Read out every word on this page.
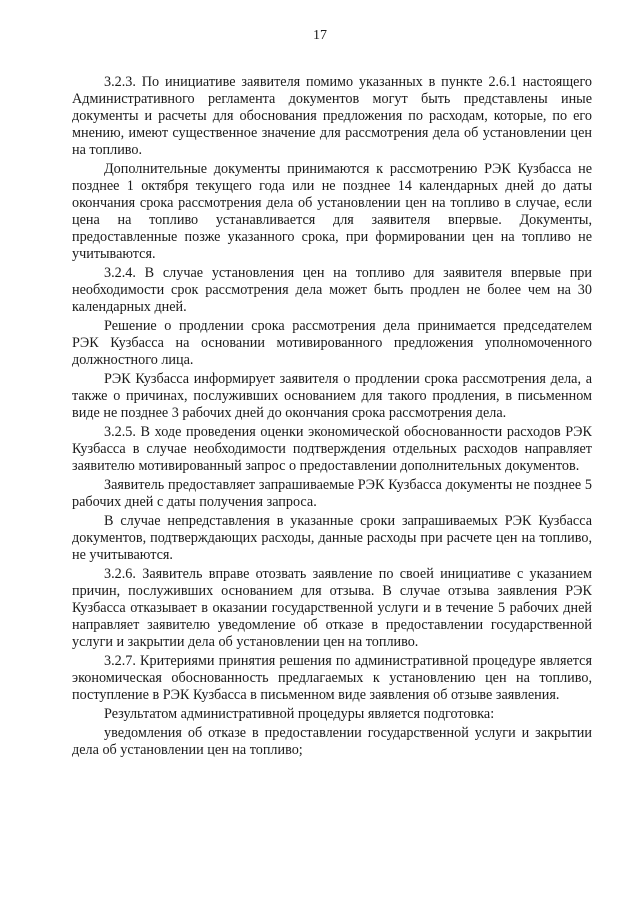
17

3.2.3. По инициативе заявителя помимо указанных в пункте 2.6.1 настоящего Административного регламента документов могут быть представлены иные документы и расчеты для обоснования предложения по расходам, которые, по его мнению, имеют существенное значение для рассмотрения дела об установлении цен на топливо.

Дополнительные документы принимаются к рассмотрению РЭК Кузбасса не позднее 1 октября текущего года или не позднее 14 календарных дней до даты окончания срока рассмотрения дела об установлении цен на топливо в случае, если цена на топливо устанавливается для заявителя впервые. Документы, предоставленные позже указанного срока, при формировании цен на топливо не учитываются.

3.2.4. В случае установления цен на топливо для заявителя впервые при необходимости срок рассмотрения дела может быть продлен не более чем на 30 календарных дней.

Решение о продлении срока рассмотрения дела принимается председателем РЭК Кузбасса на основании мотивированного предложения уполномоченного должностного лица.

РЭК Кузбасса информирует заявителя о продлении срока рассмотрения дела, а также о причинах, послуживших основанием для такого продления, в письменном виде не позднее 3 рабочих дней до окончания срока рассмотрения дела.

3.2.5. В ходе проведения оценки экономической обоснованности расходов РЭК Кузбасса в случае необходимости подтверждения отдельных расходов направляет заявителю мотивированный запрос о предоставлении дополнительных документов.

Заявитель предоставляет запрашиваемые РЭК Кузбасса документы не позднее 5 рабочих дней с даты получения запроса.

В случае непредставления в указанные сроки запрашиваемых РЭК Кузбасса документов, подтверждающих расходы, данные расходы при расчете цен на топливо, не учитываются.

3.2.6. Заявитель вправе отозвать заявление по своей инициативе с указанием причин, послуживших основанием для отзыва. В случае отзыва заявления РЭК Кузбасса отказывает в оказании государственной услуги и в течение 5 рабочих дней направляет заявителю уведомление об отказе в предоставлении государственной услуги и закрытии дела об установлении цен на топливо.

3.2.7. Критериями принятия решения по административной процедуре является экономическая обоснованность предлагаемых к установлению цен на топливо, поступление в РЭК Кузбасса в письменном виде заявления об отзыве заявления.

Результатом административной процедуры является подготовка:

уведомления об отказе в предоставлении государственной услуги и закрытии дела об установлении цен на топливо;
